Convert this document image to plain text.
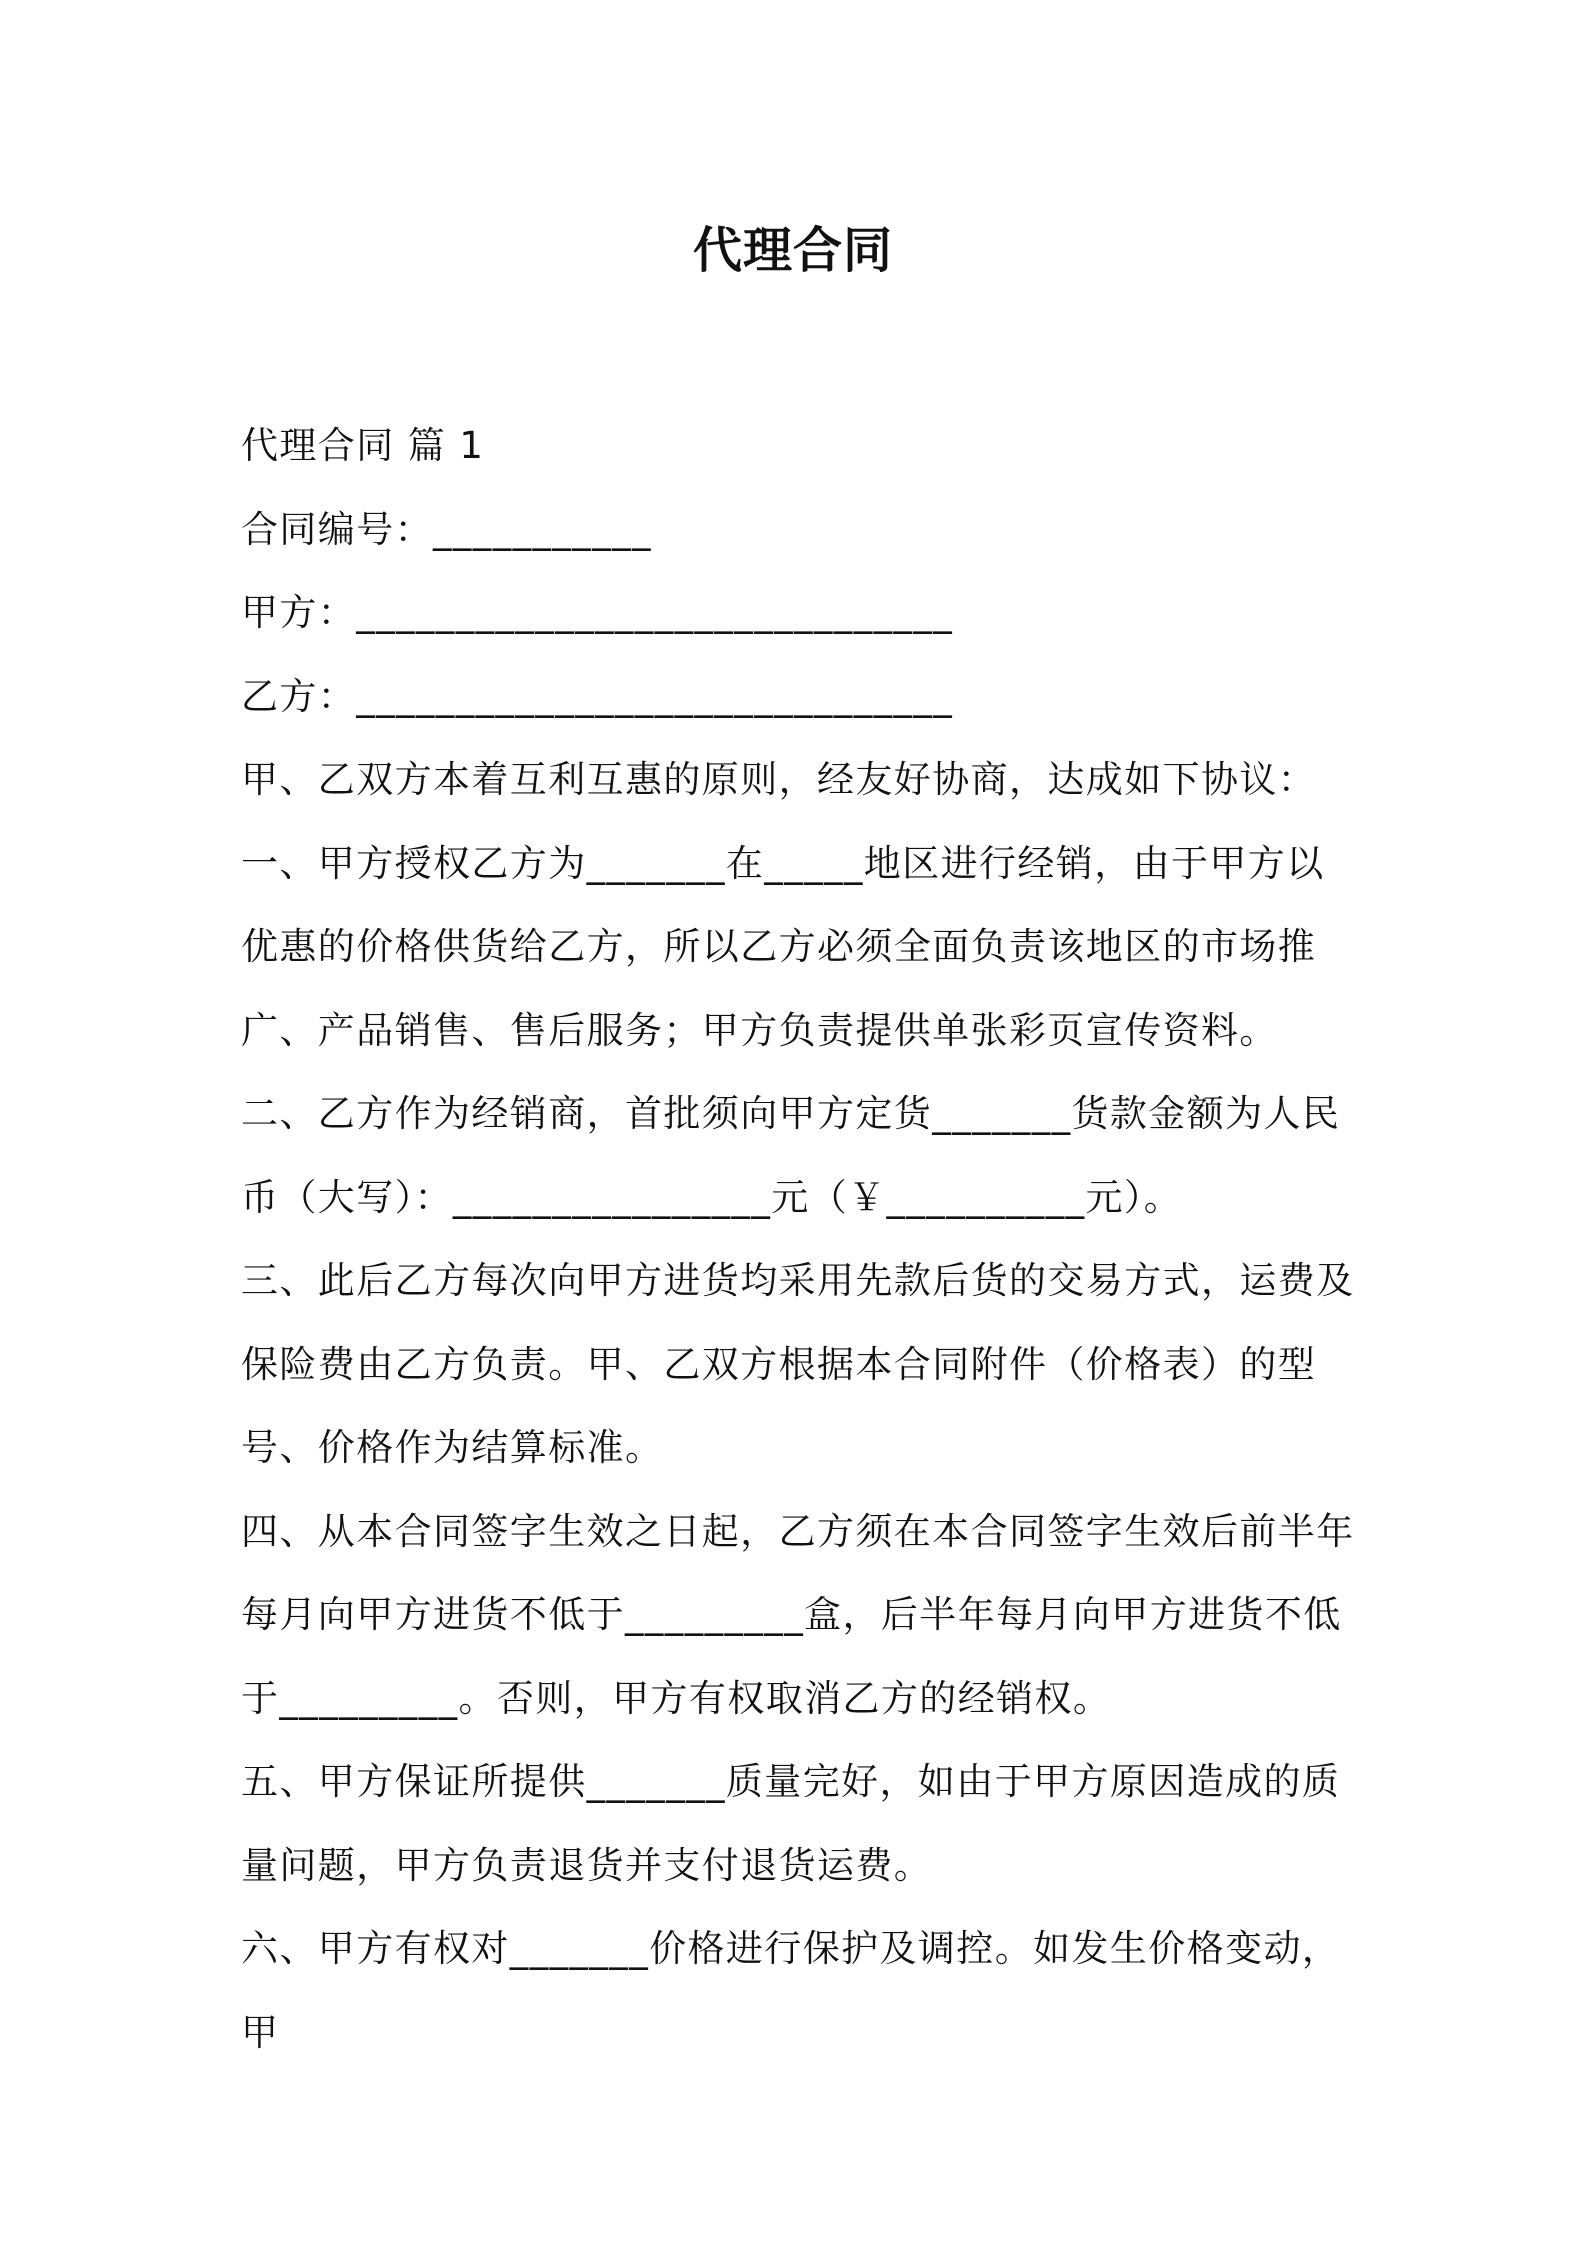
代理合同

代理合同 篇 1

合同编号：___________

甲方：______________________________

乙方：______________________________

甲、乙双方本着互利互惠的原则，经友好协商，达成如下协议：

一、甲方授权乙方为_______在_____地区进行经销，由于甲方以优惠的价格供货给乙方，所以乙方必须全面负责该地区的市场推广、产品销售、售后服务；甲方负责提供单张彩页宣传资料。

二、乙方作为经销商，首批须向甲方定货_______货款金额为人民币（大写）：________________元（￥__________元）。

三、此后乙方每次向甲方进货均采用先款后货的交易方式，运费及保险费由乙方负责。甲、乙双方根据本合同附件（价格表）的型号、价格作为结算标准。

四、从本合同签字生效之日起，乙方须在本合同签字生效后前半年每月向甲方进货不低于_________盒，后半年每月向甲方进货不低于_________。否则，甲方有权取消乙方的经销权。

五、甲方保证所提供_______质量完好，如由于甲方原因造成的质量问题，甲方负责退货并支付退货运费。

六、甲方有权对_______价格进行保护及调控。如发生价格变动，甲
